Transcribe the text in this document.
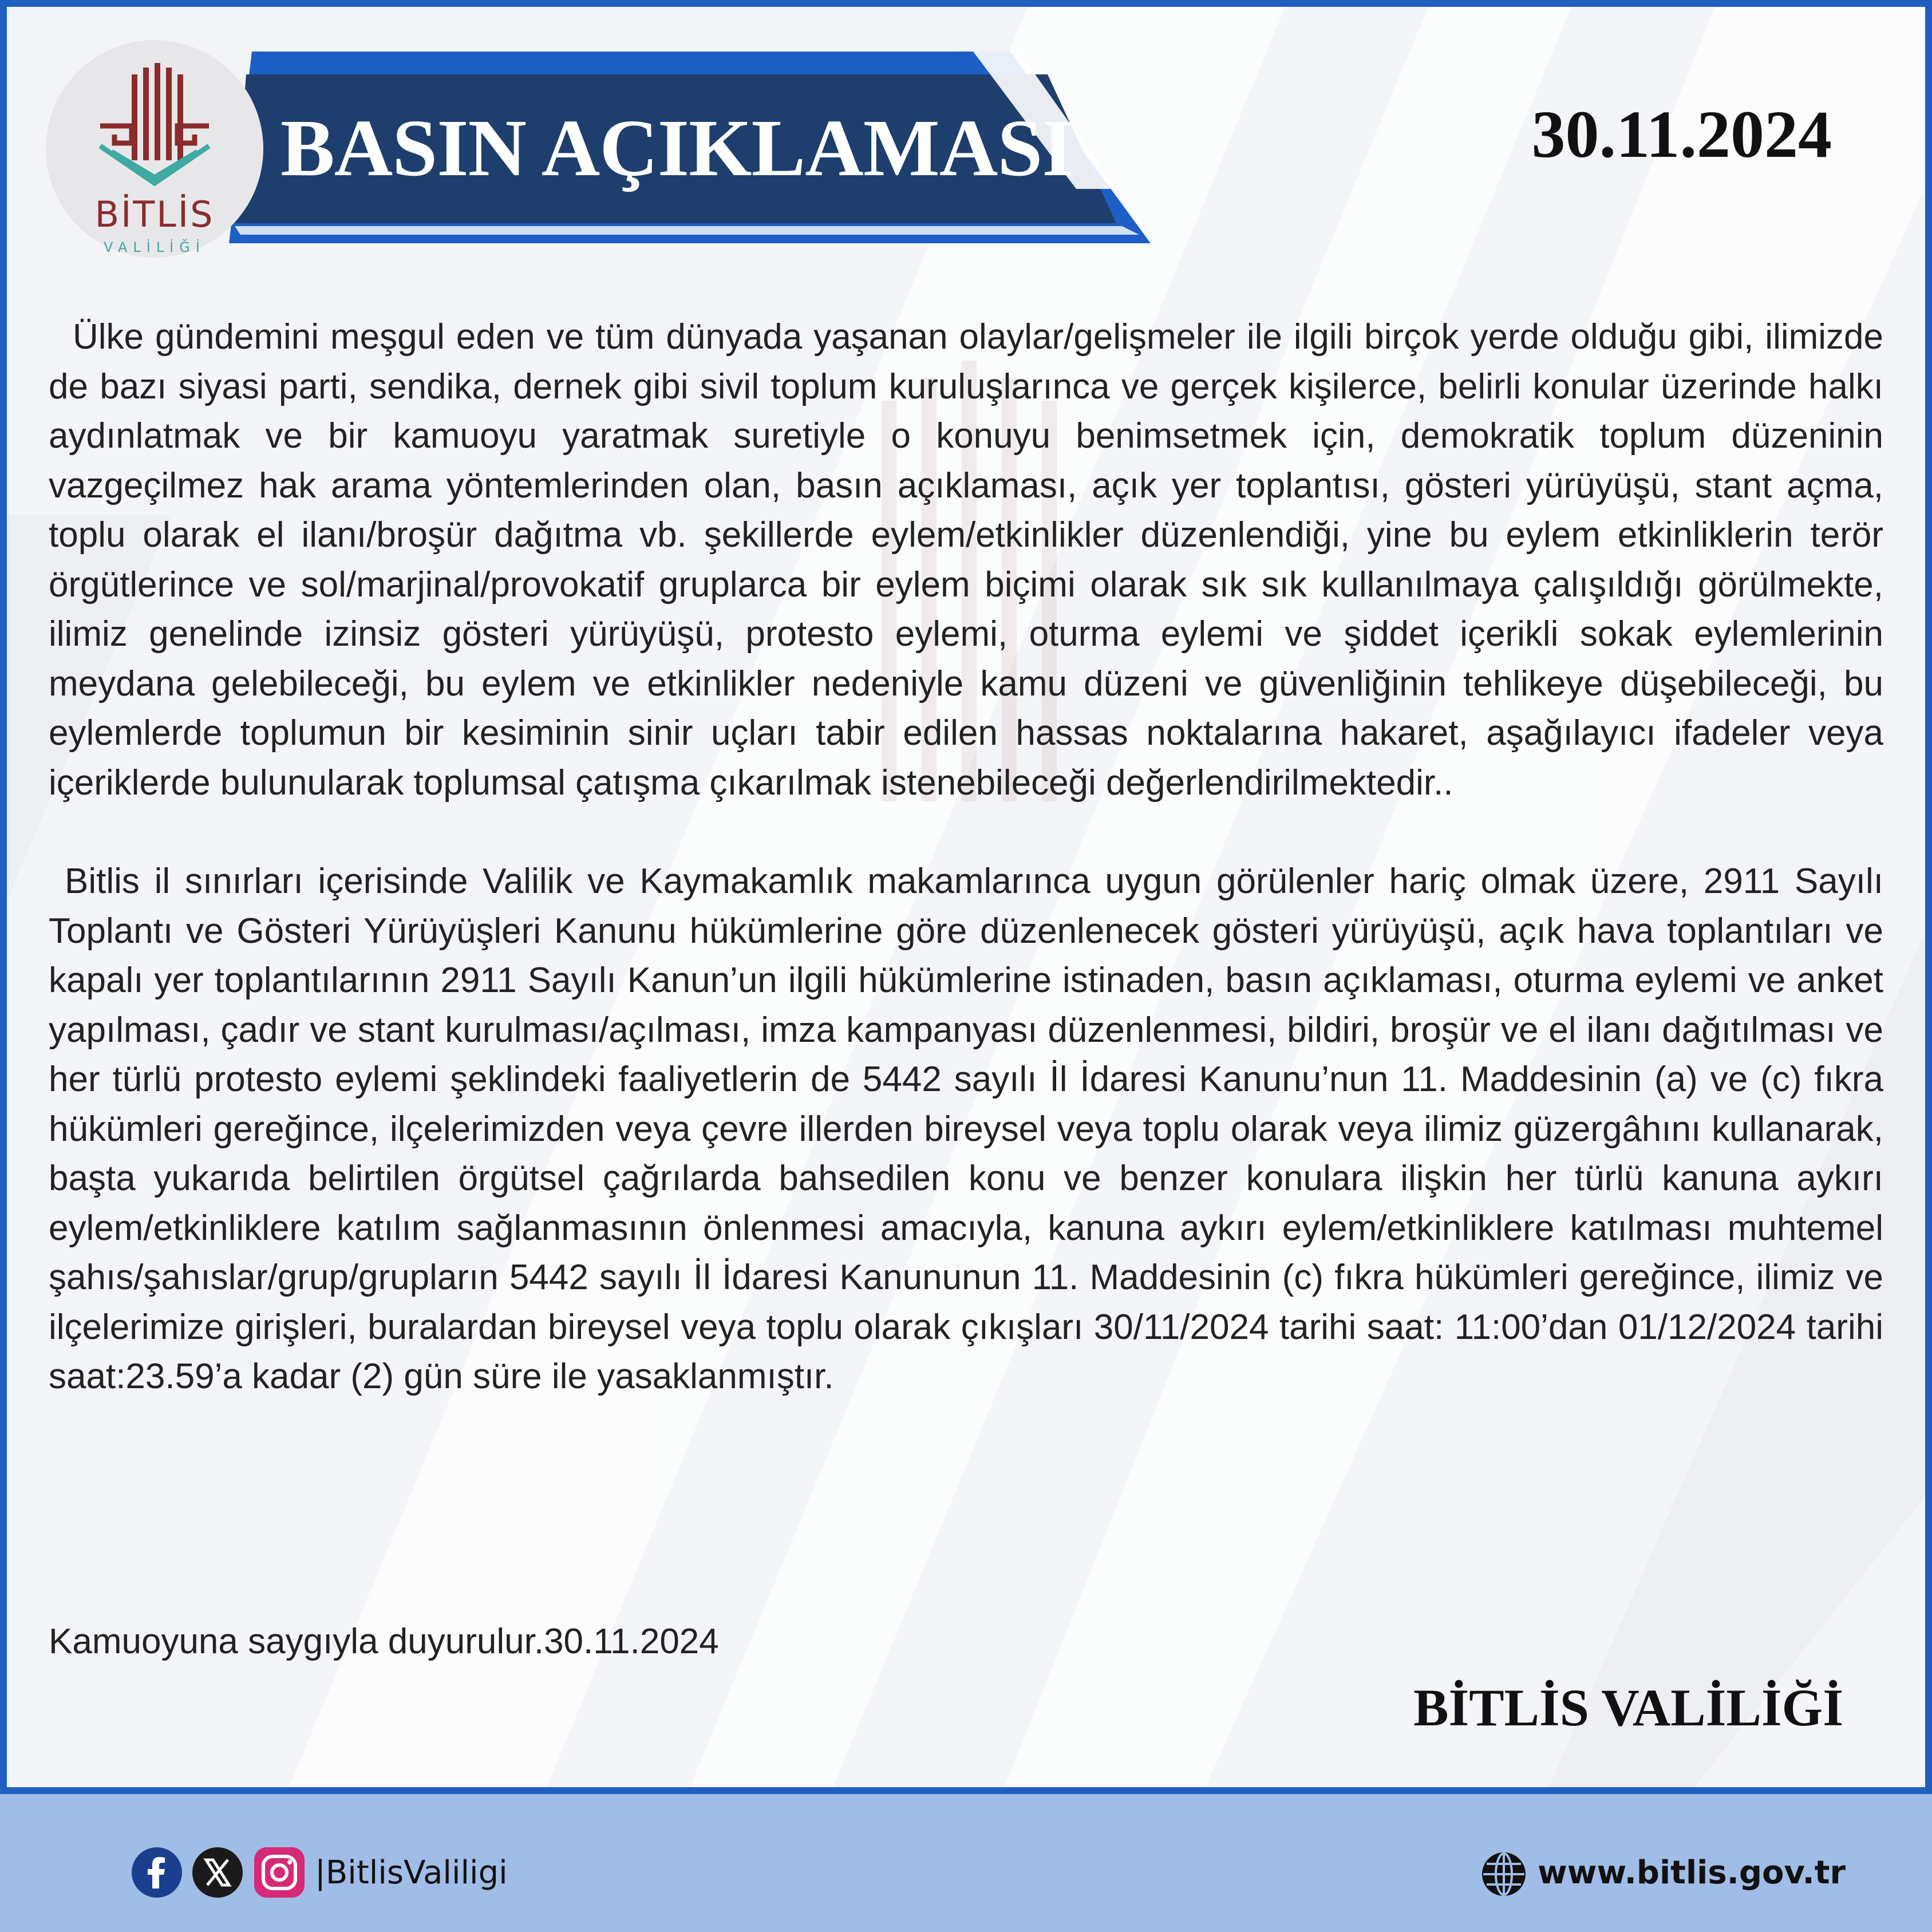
BİTLİS
VALİLİĞİ
BASIN AÇIKLAMASI	30.11.2024

Ülke gündemini meşgul eden ve tüm dünyada yaşanan olaylar/gelişmeler ile ilgili birçok yerde olduğu gibi, ilimizde de bazı siyasi parti, sendika, dernek gibi sivil toplum kuruluşlarınca ve gerçek kişilerce, belirli konular üzerinde halkı aydınlatmak ve bir kamuoyu yaratmak suretiyle o konuyu benimsetmek için, demokratik toplum düzeninin vazgeçilmez hak arama yöntemlerinden olan, basın açıklaması, açık yer toplantısı, gösteri yürüyüşü, stant açma, toplu olarak el ilanı/broşür dağıtma vb. şekillerde eylem/etkinlikler düzenlendiği, yine bu eylem etkinliklerin terör örgütlerince ve sol/marjinal/provokatif gruplarca bir eylem biçimi olarak sık sık kullanılmaya çalışıldığı görülmekte, ilimiz genelinde izinsiz gösteri yürüyüşü, protesto eylemi, oturma eylemi ve şiddet içerikli sokak eylemlerinin meydana gelebileceği, bu eylem ve etkinlikler nedeniyle kamu düzeni ve güvenliğinin tehlikeye düşebileceği, bu eylemlerde toplumun bir kesiminin sinir uçları tabir edilen hassas noktalarına hakaret, aşağılayıcı ifadeler veya içeriklerde bulunularak toplumsal çatışma çıkarılmak istenebileceği değerlendirilmektedir..

Bitlis il sınırları içerisinde Valilik ve Kaymakamlık makamlarınca uygun görülenler hariç olmak üzere, 2911 Sayılı Toplantı ve Gösteri Yürüyüşleri Kanunu hükümlerine göre düzenlenecek gösteri yürüyüşü, açık hava toplantıları ve kapalı yer toplantılarının 2911 Sayılı Kanun’un ilgili hükümlerine istinaden, basın açıklaması, oturma eylemi ve anket yapılması, çadır ve stant kurulması/açılması, imza kampanyası düzenlenmesi, bildiri, broşür ve el ilanı dağıtılması ve her türlü protesto eylemi şeklindeki faaliyetlerin de 5442 sayılı İl İdaresi Kanunu’nun 11. Maddesinin (a) ve (c) fıkra hükümleri gereğince, ilçelerimizden veya çevre illerden bireysel veya toplu olarak veya ilimiz güzergâhını kullanarak, başta yukarıda belirtilen örgütsel çağrılarda bahsedilen konu ve benzer konulara ilişkin her türlü kanuna aykırı eylem/etkinliklere katılım sağlanmasının önlenmesi amacıyla, kanuna aykırı eylem/etkinliklere katılması muhtemel şahıs/şahıslar/grup/grupların 5442 sayılı İl İdaresi Kanununun 11. Maddesinin (c) fıkra hükümleri gereğince, ilimiz ve ilçelerimize girişleri, buralardan bireysel veya toplu olarak çıkışları 30/11/2024 tarihi saat: 11:00’dan 01/12/2024 tarihi saat:23.59’a kadar (2) gün süre ile yasaklanmıştır.

Kamuoyuna saygıyla duyurulur.30.11.2024
BİTLİS VALİLİĞİ
|BitlisValiligi	www.bitlis.gov.tr
